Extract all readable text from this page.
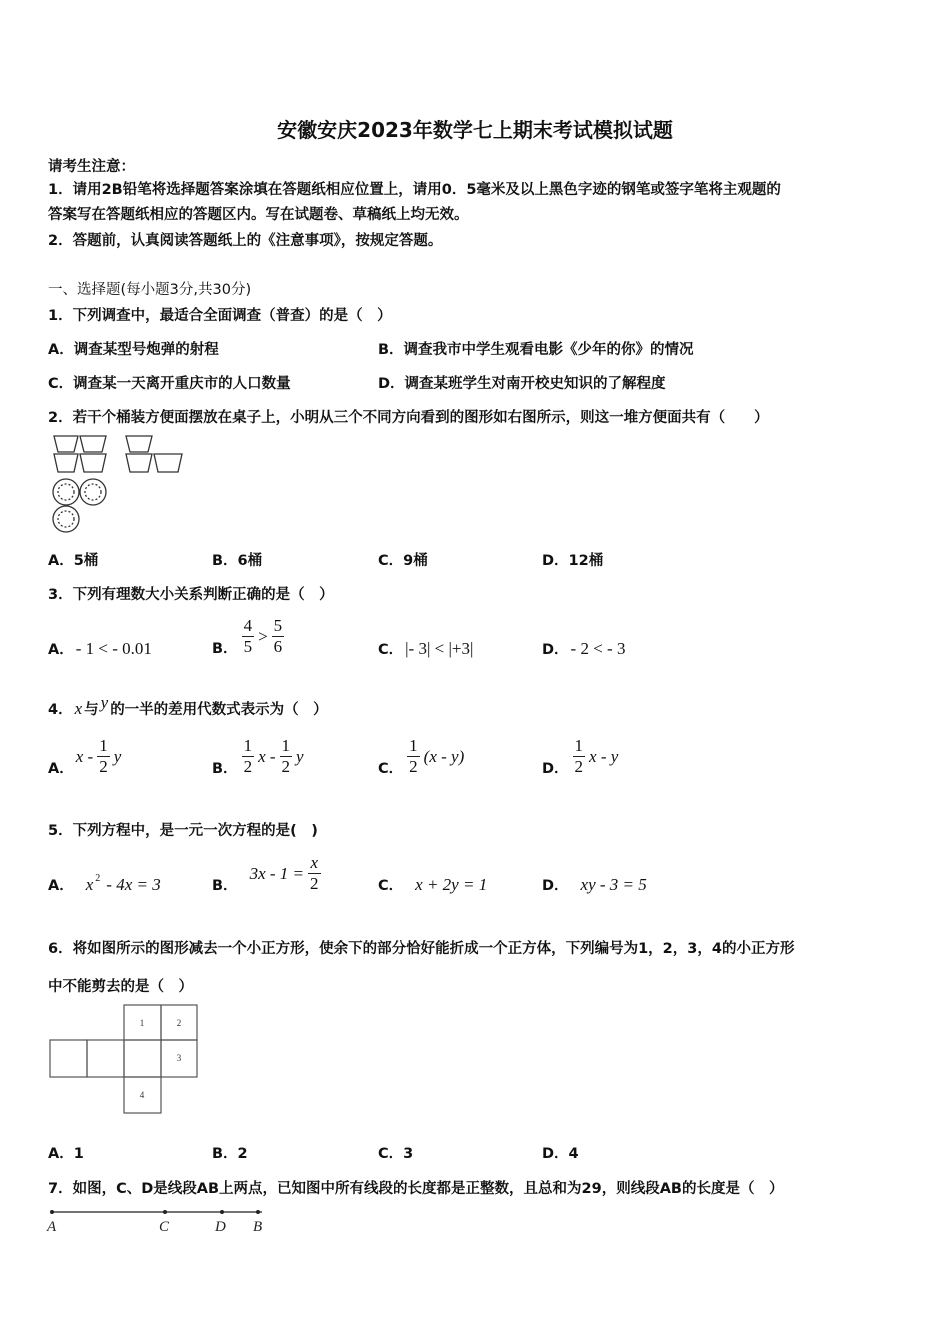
安徽安庆2023年数学七上期末考试模拟试题
请考生注意：
1．请用2B铅笔将选择题答案涂填在答题纸相应位置上，请用0．5毫米及以上黑色字迹的钢笔或签字笔将主观题的
答案写在答题纸相应的答题区内。写在试题卷、草稿纸上均无效。
2．答题前，认真阅读答题纸上的《注意事项》，按规定答题。
一、选择题(每小题3分,共30分)
1．下列调查中，最适合全面调查（普查）的是（　）
A．调查某型号炮弹的射程	B．调查我市中学生观看电影《少年的你》的情况
C．调查某一天离开重庆市的人口数量	D．调查某班学生对南开校史知识的了解程度
2．若干个桶装方便面摆放在桌子上，小明从三个不同方向看到的图形如右图所示，则这一堆方便面共有（　　）
A．5桶	B．6桶	C．9桶	D．12桶
3．下列有理数大小关系判断正确的是（　）
A． - 1 < - 0.01	B． $\frac{4}{5} > \frac{5}{6}$	C． |- 3| < |+3|	D． - 2 < - 3
4． x 与 y 的一半的差用代数式表示为（　）
A．
x - $\frac{1}{2}$ y
B． $\frac{1}{2}$ x - $\frac{1}{2}$ y
C． $\frac{1}{2} (x - y)$
D． $\frac{1}{2}$ x - y
5．下列方程中，是一元一次方程的是(　)
A． $x^2 - 4x = 3$	B．
$3x - 1 = \frac{x}{2}$	C． x + 2y = 1	D． xy - 3 = 5
6．将如图所示的图形减去一个小正方形，使余下的部分恰好能折成一个正方体，下列编号为1，2，3，4的小正方形
中不能剪去的是（　）
1	2
3
4
A．1	B．2	C．3	D．4
7．如图，C、D是线段AB上两点，已知图中所有线段的长度都是正整数，且总和为29，则线段AB的长度是（　）
A	C	D B
